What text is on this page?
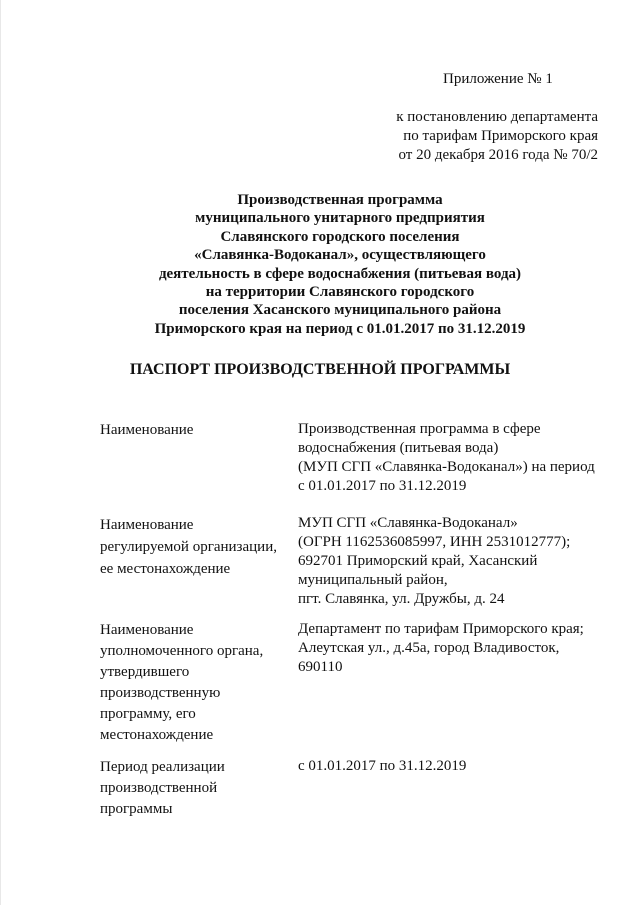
Приложение № 1
к постановлению департамента
по тарифам Приморского края
от 20 декабря 2016 года № 70/2
Производственная программа
муниципального унитарного предприятия
Славянского городского поселения
«Славянка-Водоканал», осуществляющего
деятельность в сфере водоснабжения (питьевая вода)
на территории Славянского городского
поселения Хасанского муниципального района
Приморского края на период с 01.01.2017 по 31.12.2019
ПАСПОРТ ПРОИЗВОДСТВЕННОЙ ПРОГРАММЫ
Наименование	Производственная программа в сфере
водоснабжения (питьевая вода)
(МУП СГП «Славянка-Водоканал») на период
с 01.01.2017 по 31.12.2019
Наименование
регулируемой организации,
ее местонахождение
МУП СГП «Славянка-Водоканал»
(ОГРН 1162536085997, ИНН 2531012777);
692701 Приморский край, Хасанский
муниципальный район,
пгт. Славянка, ул. Дружбы, д. 24
Наименование
уполномоченного органа,
утвердившего
производственную
программу, его
местонахождение
Департамент по тарифам Приморского края;
Алеутская ул., д.45а, город Владивосток,
690110
Период реализации
производственной
программы
с 01.01.2017 по 31.12.2019
